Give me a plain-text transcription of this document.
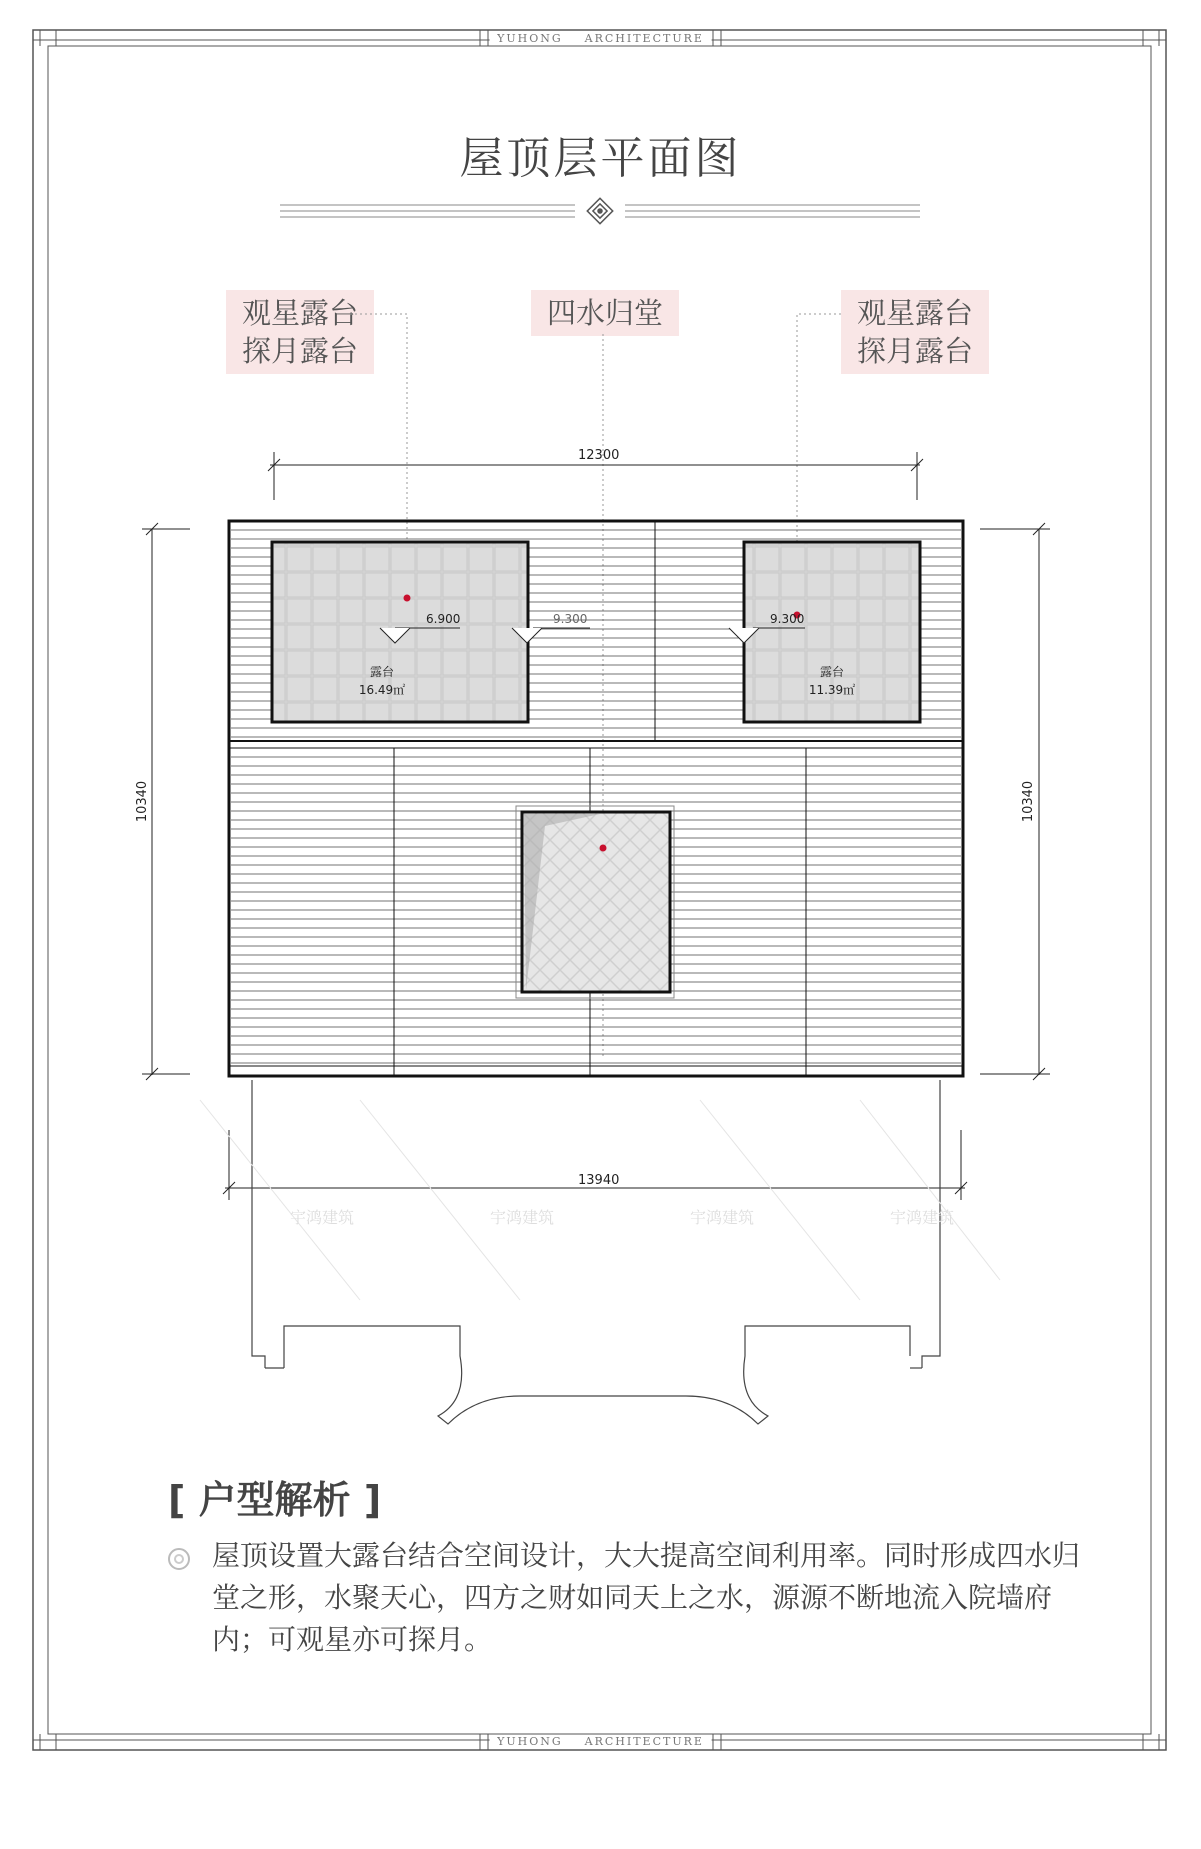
YUHONG    ARCHITECTURE
YUHONG    ARCHITECTURE
屋顶层平面图
观星露台
探月露台
四水归堂	观星露台
探月露台
宇鸿建筑	宇鸿建筑	宇鸿建筑	宇鸿建筑
12300
13940
10340	10340
6.900	9.300	9.300
露台
16.49㎡
露台
11.39㎡
[ 户型解析 ]
屋顶设置大露台结合空间设计，大大提高空间利用率。同时形成四水归堂之形，水聚天心，四方之财如同天上之水，源源不断地流入院墙府内；可观星亦可探月。
